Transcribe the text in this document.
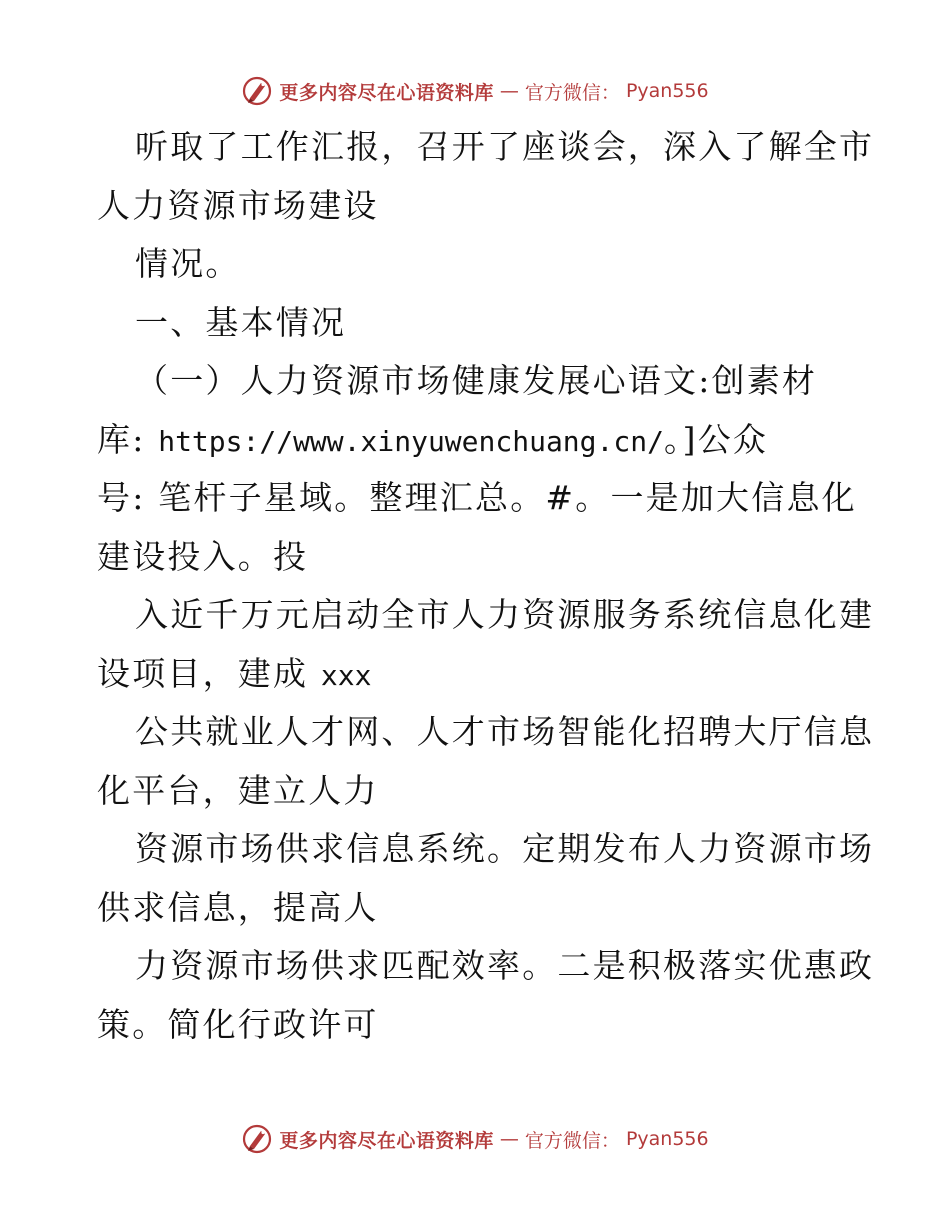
更多内容尽在心语资料库 — 官方微信： Pyan556
听取了工作汇报，召开了座谈会，深入了解全市
人力资源市场建设
情况。
一、基本情况
（一）人力资源市场健康发展心语文:创素材
库: https://www.xinyuwenchuang.cn/。]公众
号: 笔杆子星域。整理汇总。#。一是加大信息化
建设投入。投
入近千万元启动全市人力资源服务系统信息化建
设项目，建成 xxx
公共就业人才网、人才市场智能化招聘大厅信息
化平台，建立人力
资源市场供求信息系统。定期发布人力资源市场
供求信息，提高人
力资源市场供求匹配效率。二是积极落实优惠政
策。简化行政许可
更多内容尽在心语资料库 — 官方微信： Pyan556
